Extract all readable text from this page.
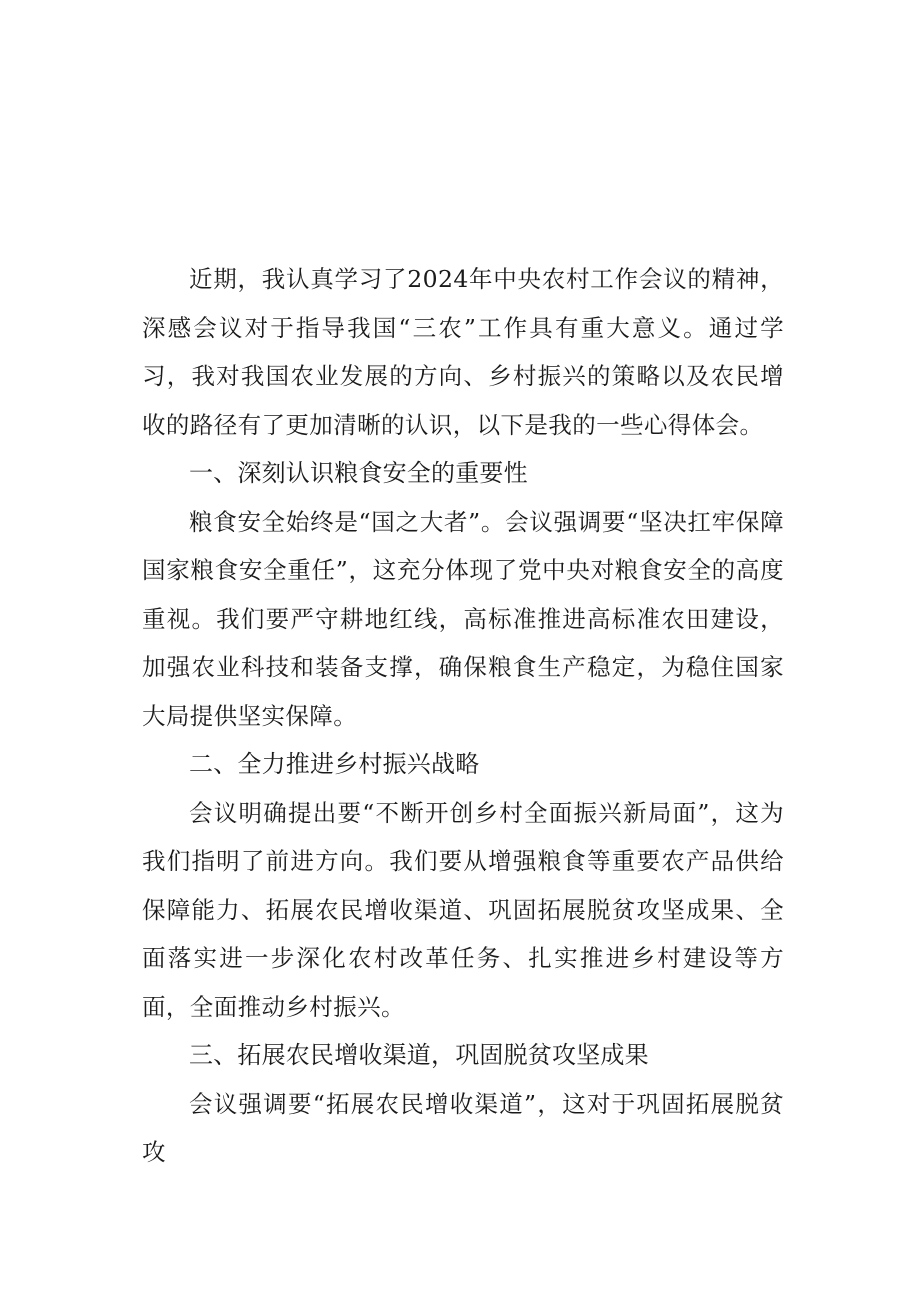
近期，我认真学习了2024年中央农村工作会议的精神，深感会议对于指导我国“三农”工作具有重大意义。通过学习，我对我国农业发展的方向、乡村振兴的策略以及农民增收的路径有了更加清晰的认识，以下是我的一些心得体会。

一、深刻认识粮食安全的重要性

粮食安全始终是“国之大者”。会议强调要“坚决扛牢保障国家粮食安全重任”，这充分体现了党中央对粮食安全的高度重视。我们要严守耕地红线，高标准推进高标准农田建设，加强农业科技和装备支撑，确保粮食生产稳定，为稳住国家大局提供坚实保障。

二、全力推进乡村振兴战略

会议明确提出要“不断开创乡村全面振兴新局面”，这为我们指明了前进方向。我们要从增强粮食等重要农产品供给保障能力、拓展农民增收渠道、巩固拓展脱贫攻坚成果、全面落实进一步深化农村改革任务、扎实推进乡村建设等方面，全面推动乡村振兴。

三、拓展农民增收渠道，巩固脱贫攻坚成果

会议强调要“拓展农民增收渠道”，这对于巩固拓展脱贫攻
